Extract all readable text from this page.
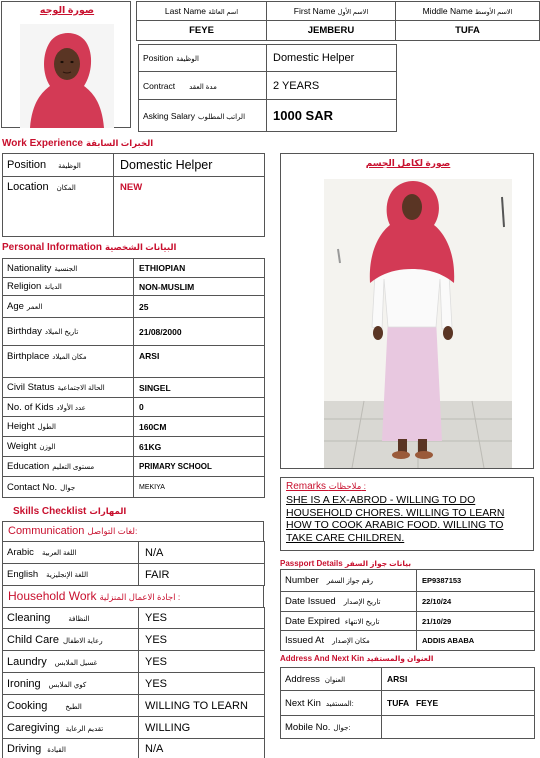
صورة الوجه	Last Name اسم العائلة	First Name الاسم الأول	Middle Name الاسم الأوسط
FEYE	JEMBERU	TUFA
Position الوظيفة	Domestic Helper
Contract مدة العقد	2 YEARS
Asking Salary الراتب المطلوب	1000 SAR
Work Experience الخبرات السابقة
Position الوظيفة	Domestic Helper
Location المكان	NEW
Personal Information البيانات الشخصية
Nationality الجنسية	ETHIOPIAN
Religion الديانة	NON-MUSLIM
Age العمر	25
Birthday تاريخ الميلاد	21/08/2000
Birthplace مكان الميلاد	ARSI
Civil Status الحالة الاجتماعية	SINGEL
No. of Kids عدد الأولاد	0
Height الطول	160CM
Weight الوزن	61KG
Education مستوى التعليم	PRIMARY SCHOOL
Contact No. جوال	MEKIYA
Skills Checklist المهارات
Communication لغات التواصل:
Arabic اللغة العربية	N/A
English اللغة الإنجليزية	FAIR
Household Work اجادة الاعمال المنزلية :
Cleaning النظافة	YES
Child Care رعاية الاطفال	YES
Laundry غسيل الملابس	YES
Ironing كوي الملابس	YES
Cooking الطبخ	WILLING TO LEARN
Caregiving تقديم الرعاية	WILLING
Driving القيادة	N/A
صورة لكامل الجسم
Remarks ملاحظات :
SHE IS A EX-ABROD - WILLING TO DO HOUSEHOLD CHORES. WILLING TO LEARN HOW TO COOK ARABIC FOOD. WILLING TO TAKE CARE CHILDREN.
Passport Details بيانات جواز السفر
Number رقم جواز السفر	EP9387153
Date Issued تاريخ الإصدار	22/10/24
Date Expired تاريخ الانتهاء	21/10/29
Issued At مكان الإصدار	ADDIS ABABA
Address And Next Kin العنوان والمستفيد
Address العنوان	ARSI
Next Kin المستفيد:	TUFA   FEYE
Mobile No. جوال:	
